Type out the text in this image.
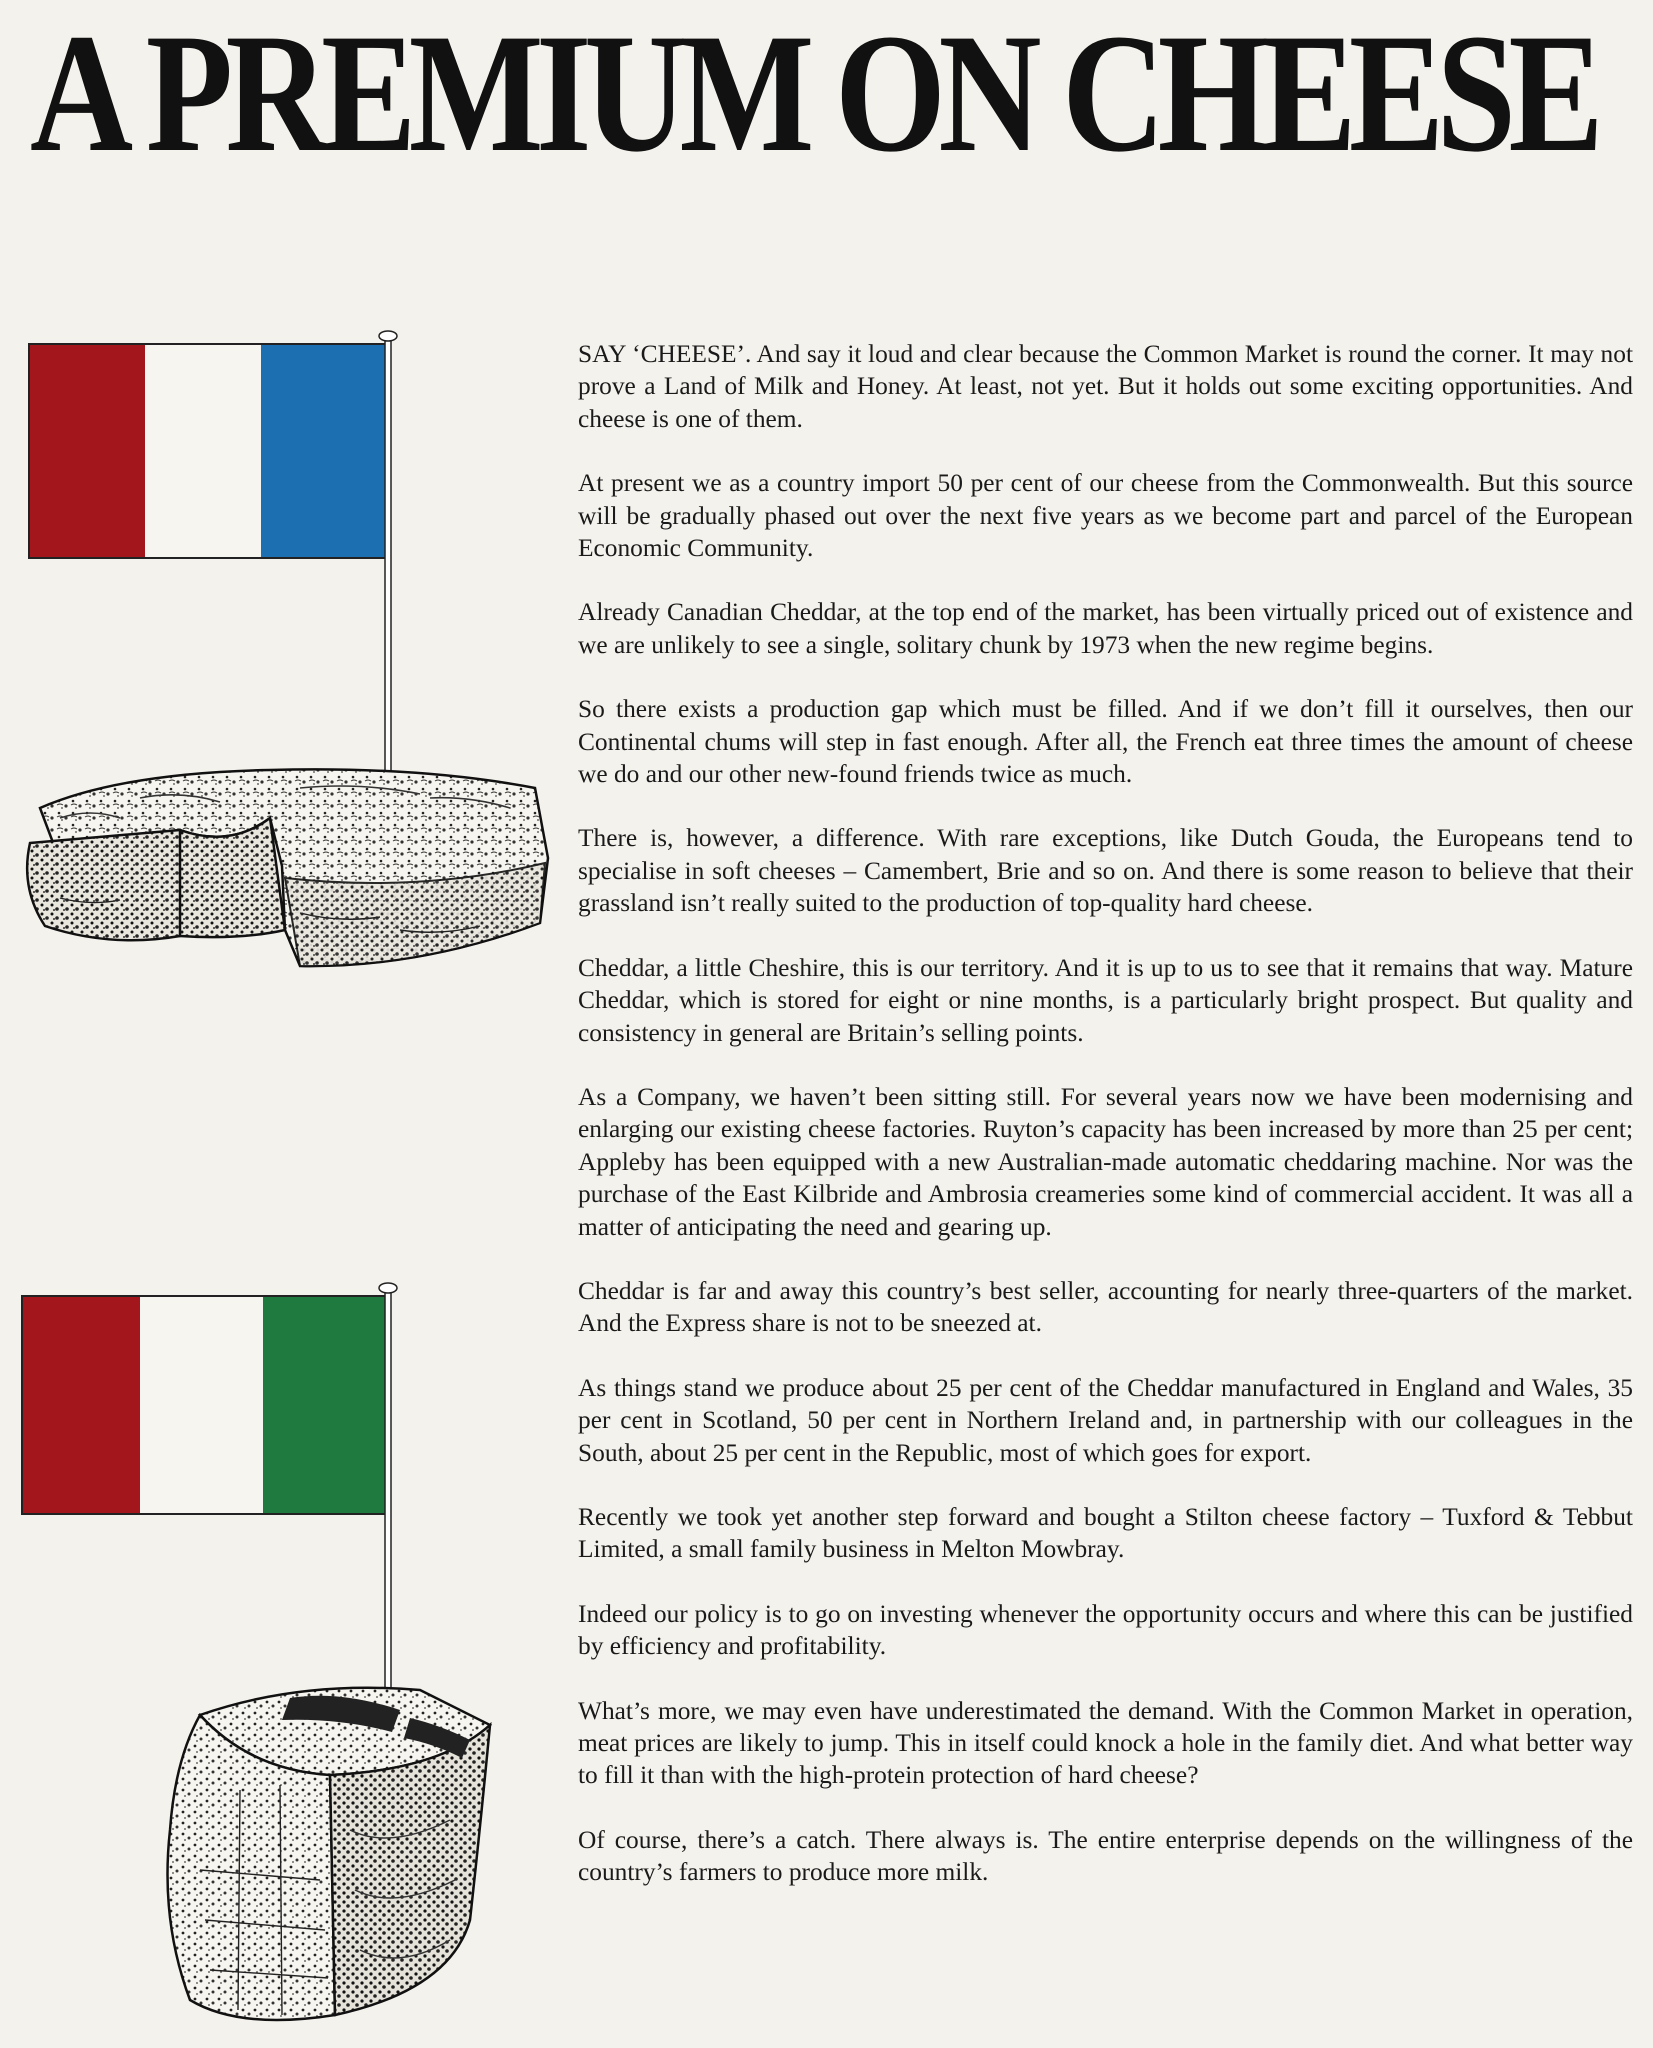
A PREMIUM ON CHEESE

SAY ‘CHEESE’. And say it loud and clear because the Common Market is round the corner. It may not prove a Land of Milk and Honey. At least, not yet. But it holds out some exciting opportunities. And cheese is one of them.

At present we as a country import 50 per cent of our cheese from the Commonwealth. But this source will be gradually phased out over the next five years as we become part and parcel of the European Economic Community.

Already Canadian Cheddar, at the top end of the market, has been virtually priced out of existence and we are unlikely to see a single, solitary chunk by 1973 when the new regime begins.

So there exists a production gap which must be filled. And if we don’t fill it ourselves, then our Continental chums will step in fast enough. After all, the French eat three times the amount of cheese we do and our other new-found friends twice as much.

There is, however, a difference. With rare exceptions, like Dutch Gouda, the Europeans tend to specialise in soft cheeses – Camembert, Brie and so on. And there is some reason to believe that their grassland isn’t really suited to the production of top-quality hard cheese.

Cheddar, a little Cheshire, this is our territory. And it is up to us to see that it remains that way. Mature Cheddar, which is stored for eight or nine months, is a particularly bright prospect. But quality and consistency in general are Britain’s selling points.

As a Company, we haven’t been sitting still. For several years now we have been modernising and enlarging our existing cheese factories. Ruyton’s capacity has been increased by more than 25 per cent; Appleby has been equipped with a new Australian-made automatic cheddaring machine. Nor was the purchase of the East Kilbride and Ambrosia creameries some kind of commercial accident. It was all a matter of anticipating the need and gearing up.

Cheddar is far and away this country’s best seller, accounting for nearly three-quarters of the market. And the Express share is not to be sneezed at.

As things stand we produce about 25 per cent of the Cheddar manufactured in England and Wales, 35 per cent in Scotland, 50 per cent in Northern Ireland and, in partnership with our colleagues in the South, about 25 per cent in the Republic, most of which goes for export.

Recently we took yet another step forward and bought a Stilton cheese factory – Tuxford & Tebbut Limited, a small family business in Melton Mowbray.

Indeed our policy is to go on investing whenever the opportunity occurs and where this can be justified by efficiency and profitability.

What’s more, we may even have underestimated the demand. With the Common Market in operation, meat prices are likely to jump. This in itself could knock a hole in the family diet. And what better way to fill it than with the high-protein protection of hard cheese?

Of course, there’s a catch. There always is. The entire enterprise depends on the willingness of the country’s farmers to produce more milk.
